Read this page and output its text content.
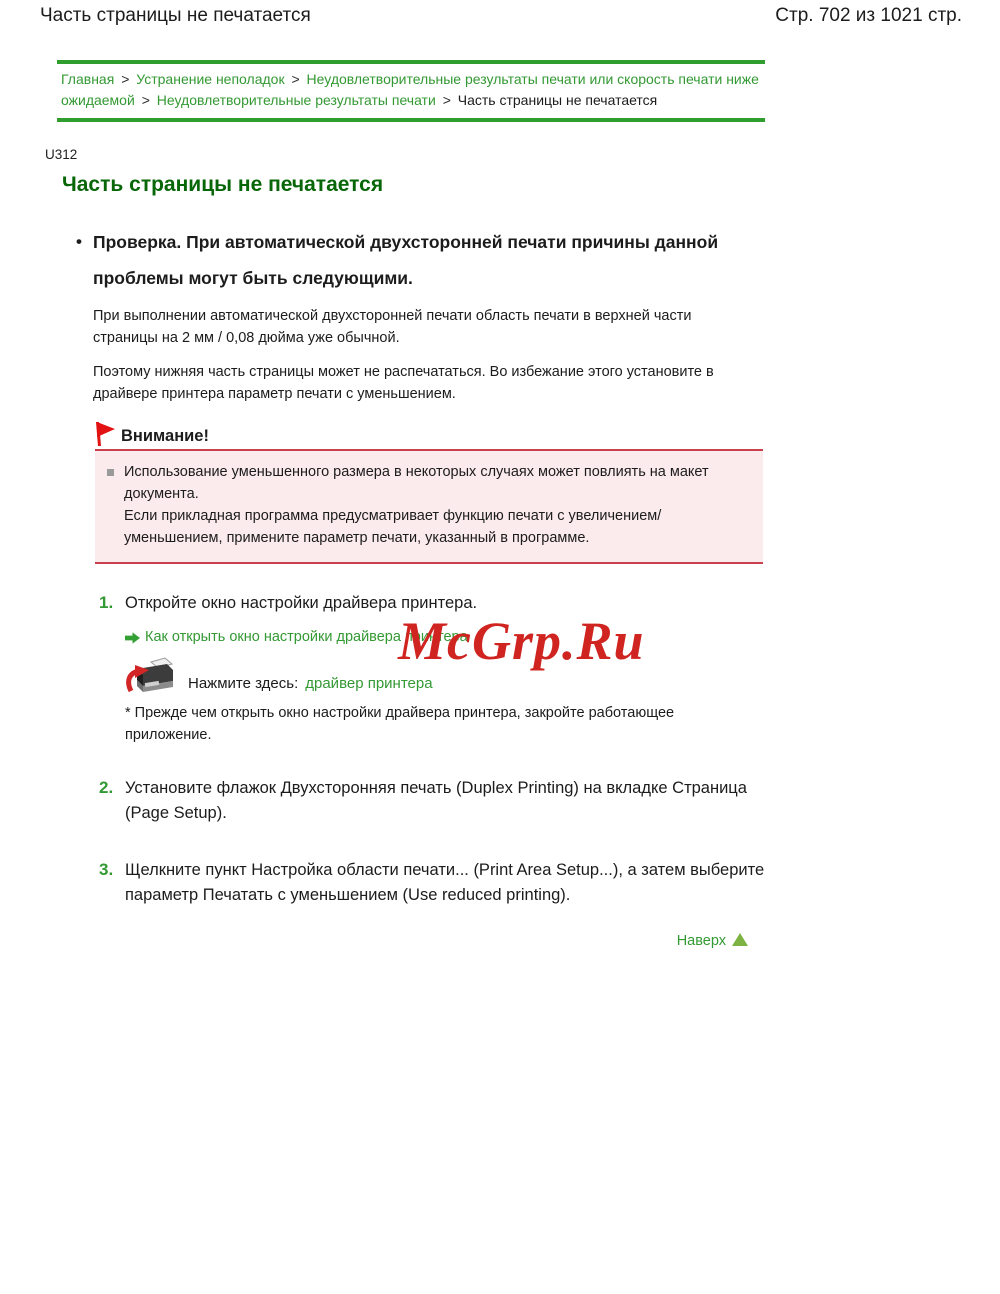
Часть страницы не печатается	Стр. 702 из 1021 стр.
Главная > Устранение неполадок > Неудовлетворительные результаты печати или скорость печати ниже ожидаемой > Неудовлетворительные результаты печати > Часть страницы не печатается
U312
Часть страницы не печатается
• Проверка. При автоматической двухсторонней печати причины данной проблемы могут быть следующими.

При выполнении автоматической двухсторонней печати область печати в верхней части страницы на 2 мм / 0,08 дюйма уже обычной.

Поэтому нижняя часть страницы может не распечататься. Во избежание этого установите в драйвере принтера параметр печати с уменьшением.

Внимание!
Использование уменьшенного размера в некоторых случаях может повлиять на макет документа.
Если прикладная программа предусматривает функцию печати с увеличением/уменьшением, примените параметр печати, указанный в программе.
1. Откройте окно настройки драйвера принтера.
Как открыть окно настройки драйвера принтера
Нажмите здесь: драйвер принтера
* Прежде чем открыть окно настройки драйвера принтера, закройте работающее приложение.
2. Установите флажок Двухсторонняя печать (Duplex Printing) на вкладке Страница (Page Setup).
3. Щелкните пункт Настройка области печати... (Print Area Setup...), а затем выберите параметр Печатать с уменьшением (Use reduced printing).
Наверх
McGrp.Ru
